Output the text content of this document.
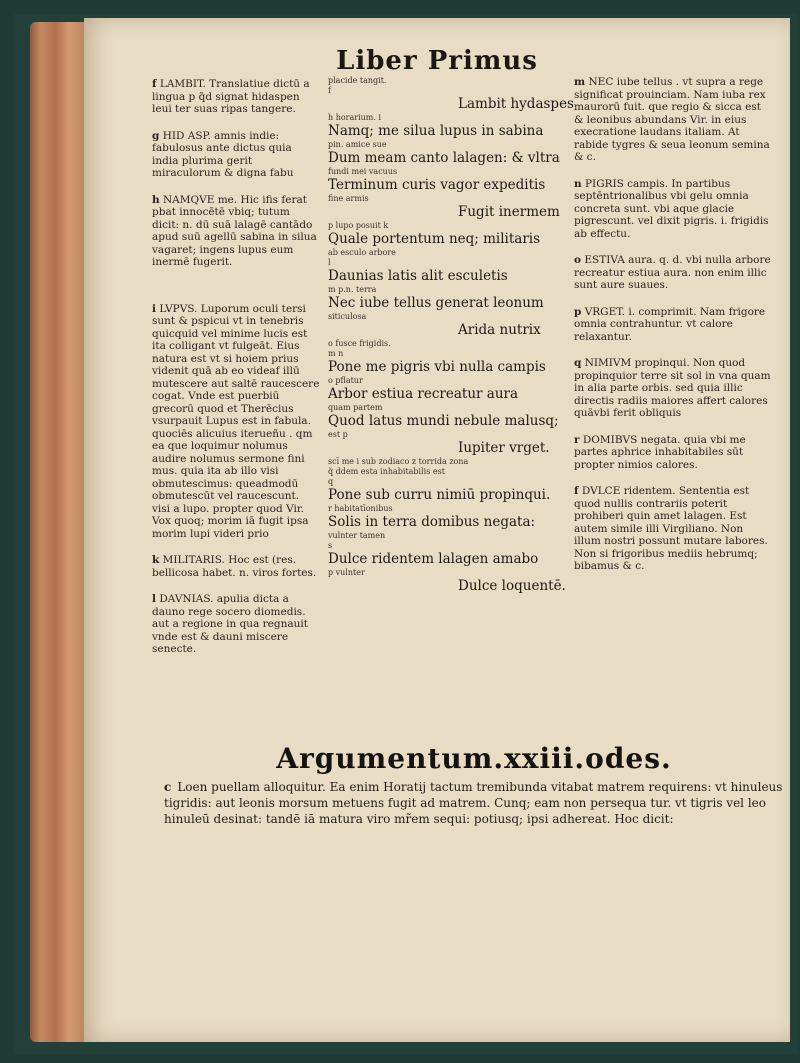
Liber Primus

f LAMBIT. Translatiue dictū a lingua p q̃d signat hidaspen leui ter suas ripas tangere.

g HID ASP. amnis indie: fabulosus ante dictus quia india plurima gerit miraculorum & digna fabu

h NAMQVE me. Hic ifis ferat pbat innocētē vbiq; tutum dicit: n. dū suā lalagē cantādo apud suū agellū sabina in silua vagaret; ingens lupus eum inermē fugerit.

i LVPVS. Luporum oculi tersi sunt & pspicui vt in tenebris quicquid vel minime lucis est ita colligant vt fulgeāt. Eius natura est vt si hoiem prius videnit quā ab eo videaf illū mutescere aut saltē raucescere cogat. Vnde est puerbiū grecorū quod et Therēcius vsurpauit Lupus est in fabula. quociēs alicuius iterueñu . qm ea que loquimur nolumus audire nolumus sermone fini mus. quia ita ab illo visi obmutescimus: queadmodū obmutescūt vel raucescunt. visi a lupo. propter quod Vir. Vox quoq; morim iā fugit ipsa morim lupi videri prio

k MILITARIS. Hoc est (res. bellicosa habet. n. viros fortes.

l DAVNIAS. apulia dicta a dauno rege socero diomedis. aut a regione in qua regnauit vnde est & dauni miscere senecte.

placide tangit.
f
Lambit hydaspes
h horarium. i
Namq; me silua lupus in sabina
pin. amice sue
Dum meam canto lalagen: & vltra
fundi mei vacuus
Terminum curis vagor expeditis
fine armis
Fugit inermem
p lupo posuit k
Quale portentum neq; militaris
ab esculo arbore
l
Daunias latis alit esculetis
m p.n. terra
Nec iube tellus generat leonum
siticulosa
Arida nutrix
o fusce frigidis.
m n
Pone me pigris vbi nulla campis
o pflatur
Arbor estiua recreatur aura
quam partem
Quod latus mundi nebule malusq;
est p
Iupiter vrget.
scī me i sub zodiaco z torrida zona
q̃ ddem esta inhabitabilis est
q
Pone sub curru nimiū propinqui.
r habitatīonibus
Solis in terra domibus negata:
vulnter tamen
s
Dulce ridentem lalagen amabo
p vulnter
Dulce loquentē.

m NEC iube tellus . vt supra a rege significat prouinciam. Nam iuba rex maurorū fuit. que regio & sicca est & leonibus abundans Vir. in eius execratione laudans italiam. At rabide tygres & seua leonum semina & c.

n PIGRIS campis. In partibus septēntrionalibus vbi gelu omnia concreta sunt. vbi aque glacie pigrescunt. vel dixit pigris. i. frigidis ab effectu.

o ESTIVA aura. q. d. vbi nulla arbore recreatur estiua aura. non enim illic sunt aure suaues.

p VRGET. i. comprimit. Nam frigore omnia contrahuntur. vt calore relaxantur.

q NIMIVM propinqui. Non quod propinquior terre sit sol in vna quam in alia parte orbis. sed quia illic directis radiis maiores affert calores quāvbi ferit obliquis

r DOMIBVS negata. quia vbi me partes aphrice inhabitabiles sūt propter nimios calores.

f DVLCE ridentem. Sententia est quod nullis contrariis poterit prohiberi quin amet lalagen. Est autem simile illi Virgiliano. Non illum nostri possunt mutare labores. Non si frigoribus mediis hebrumq; bibamus & c.

Argumentum.xxiii.odes.
c Loen puellam alloquitur. Ea enim Horatij tactum tremibunda vitabat matrem requirens: vt hinuleus tigridis: aut leonis morsum metuens fugit ad matrem. Cunq; eam non persequa tur. vt tigris vel leo hinuleū desinat: tandē iā matura viro mr̃em sequi: potiusq; ipsi adhereat. Hoc dicit:
